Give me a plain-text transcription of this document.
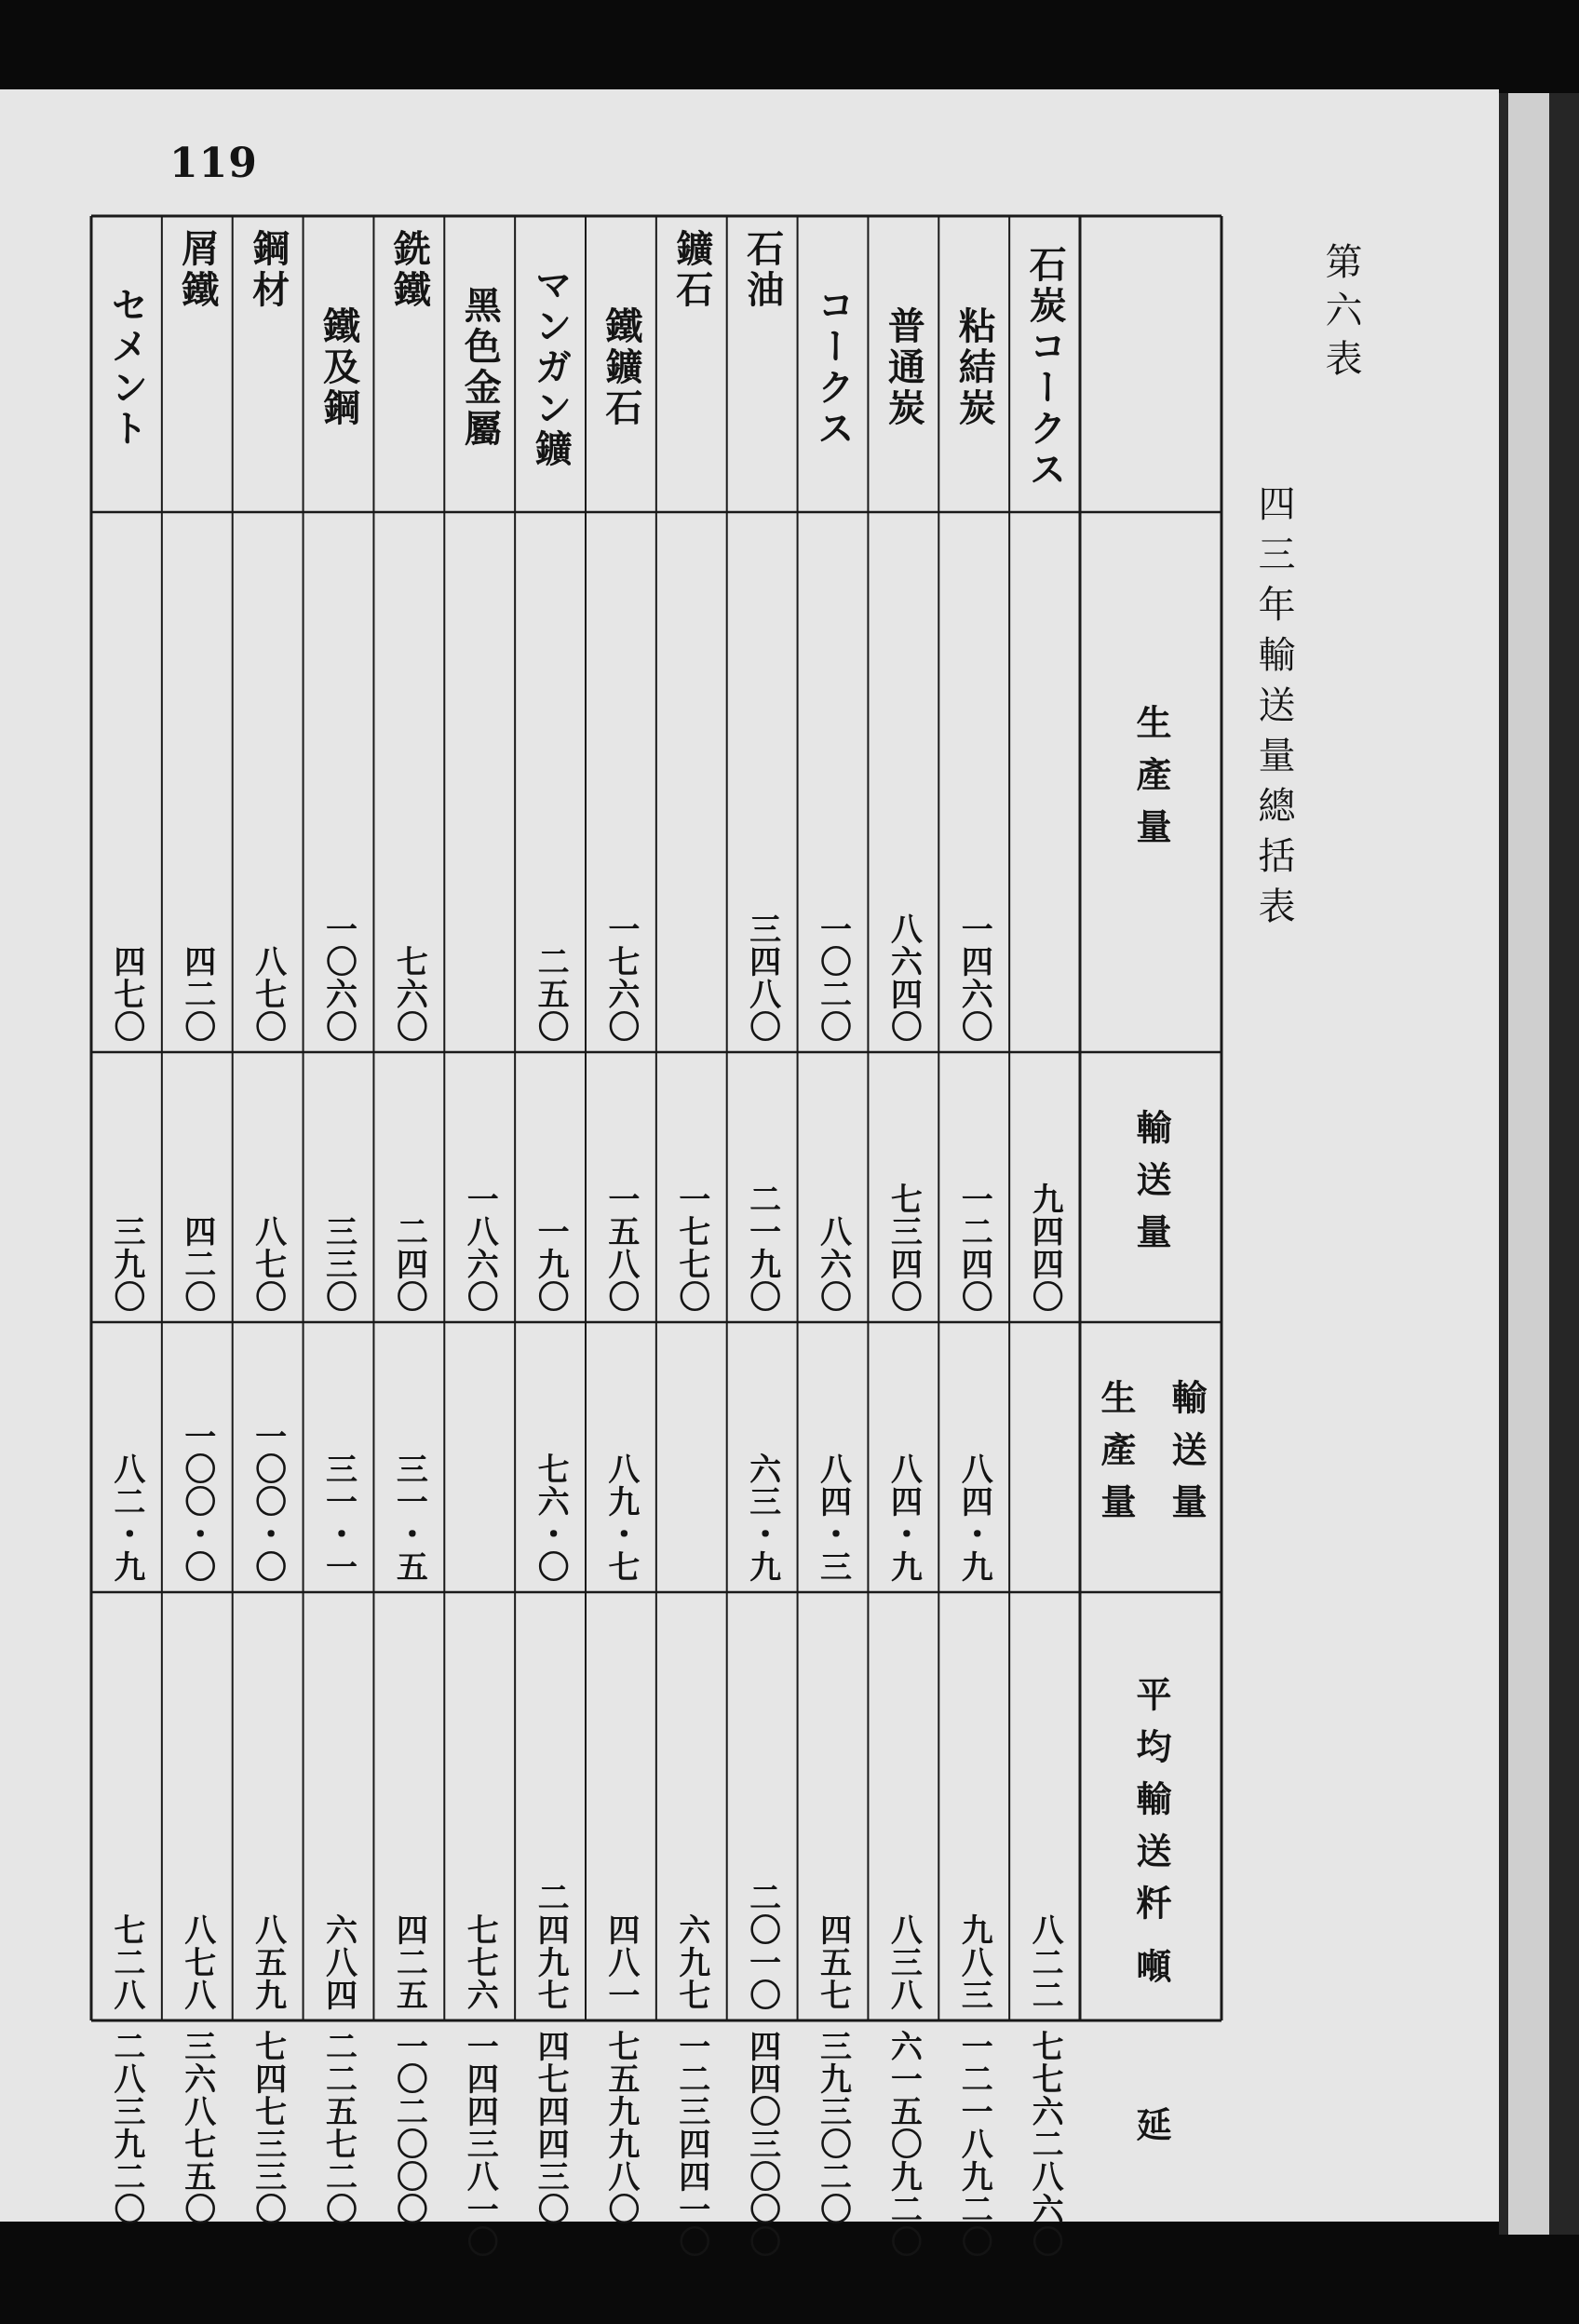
119
第六表
四三年輸送量總括表
生產量
輸送量
輸送量
生產量
平均輸送粁
延
噸
石炭コークス
九四四〇
八二二
七七六二八六〇
粘結炭
一四六〇
一二四〇
八四・九
九八三
一二一八九二〇
普通炭
八六四〇
七三四〇
八四・九
八三八
六一五〇九二〇
コークス
一〇二〇
八六〇
八四・三
四五七
三九三〇二〇
石油
三四八〇
二一九〇
六三・九
二〇一〇
四四〇三〇〇〇
鑛石
一七七〇
六九七
一二三四四一〇
鐵鑛石
一七六〇
一五八〇
八九・七
四八一
七五九九八〇
マンガン鑛
二五〇
一九〇
七六・〇
二四九七
四七四四三〇
黑色金屬
一八六〇
七七六
一四四三八一〇
銑鐵
七六〇
二四〇
三一・五
四二五
一〇二〇〇〇
鐵及鋼
一〇六〇
三三〇
三一・一
六八四
二二五七二〇
鋼材
八七〇
八七〇
一〇〇・〇
八五九
七四七三三〇
屑鐵
四二〇
四二〇
一〇〇・〇
八七八
三六八七五〇
セメント
四七〇
三九〇
八二・九
七二八
二八三九二〇
